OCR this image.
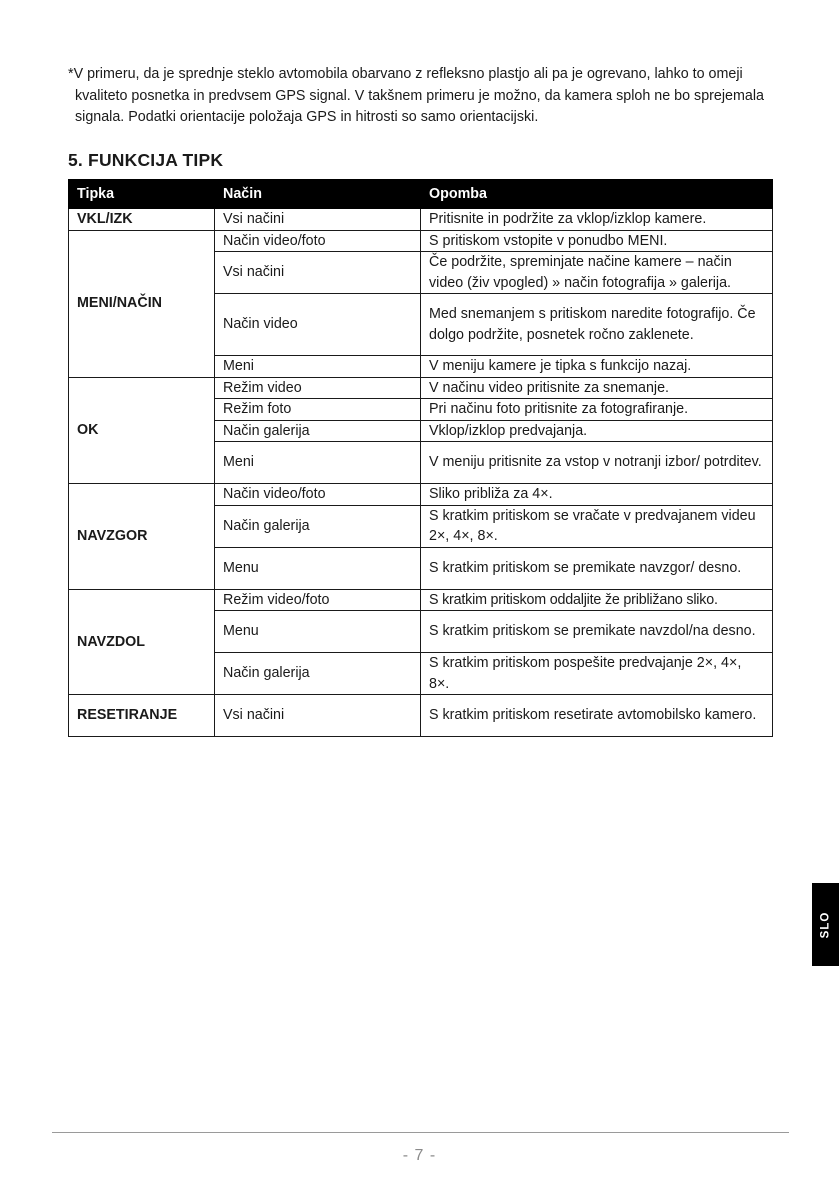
*V primeru, da je sprednje steklo avtomobila obarvano z refleksno plastjo ali pa je ogrevano, lahko to omeji kvaliteto posnetka in predvsem GPS signal. V takšnem primeru je možno, da kamera sploh ne bo sprejemala signala. Podatki orientacije položaja GPS in hitrosti so samo orientacijski.

5. FUNKCIJA TIPK
Tipka	Način	Opomba
VKL/IZK	Vsi načini	Pritisnite in podržite za vklop/izklop kamere.
MENI/NAČIN	Način video/foto	S pritiskom vstopite v ponudbo MENI.
	Vsi načini	Če podržite, spreminjate načine kamere – način video (živ vpogled) » način fotografija » galerija.
	Način video	Med snemanjem s pritiskom naredite fotografijo. Če dolgo podržite, posnetek ročno zaklenete.
	Meni	V meniju kamere je tipka s funkcijo nazaj.
OK	Režim video	V načinu video pritisnite za snemanje.
	Režim foto	Pri načinu foto pritisnite za fotografiranje.
	Način galerija	Vklop/izklop predvajanja.
	Meni	V meniju pritisnite za vstop v notranji izbor/ potrditev.
NAVZGOR	Način video/foto	Sliko približa za 4×.
	Način galerija	S kratkim pritiskom se vračate v predvajanem videu 2×, 4×, 8×.
	Menu	S kratkim pritiskom se premikate navzgor/ desno.
NAVZDOL	Režim video/foto	S kratkim pritiskom oddaljite že približano sliko.
	Menu	S kratkim pritiskom se premikate navzdol/na desno.
	Način galerija	S kratkim pritiskom pospešite predvajanje 2×, 4×, 8×.
RESETIRANJE	Vsi načini	S kratkim pritiskom resetirate avtomobilsko kamero.
SLO
- 7 -
